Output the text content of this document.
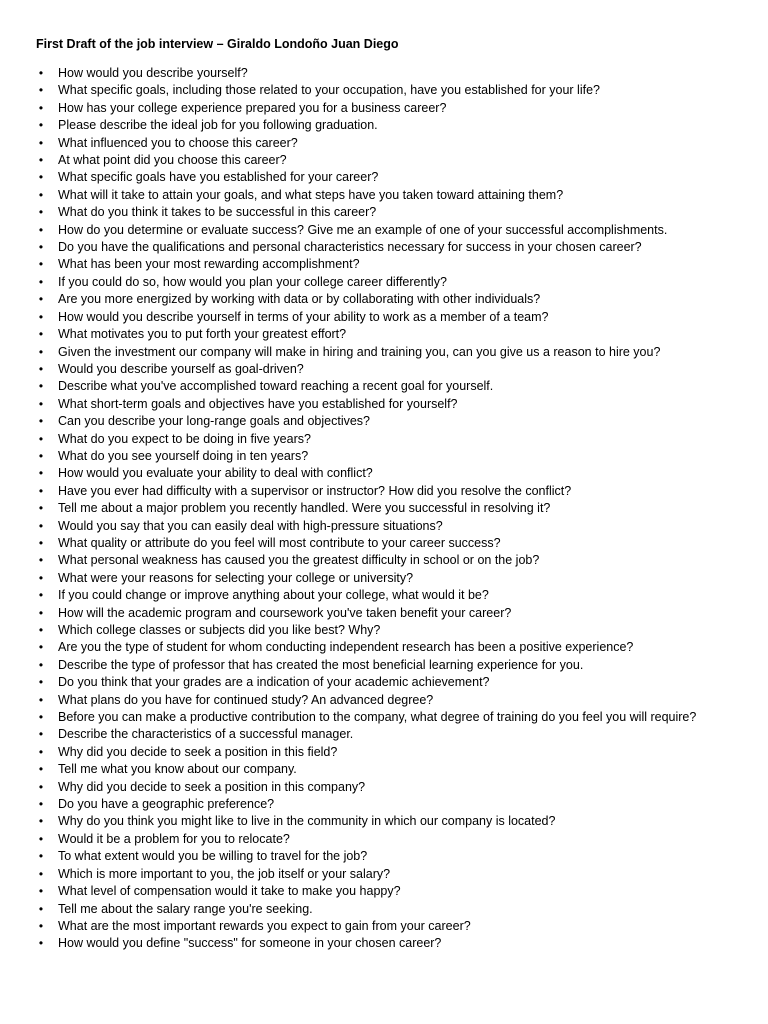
First Draft of the job interview – Giraldo Londoño Juan Diego
• How would you describe yourself?
• What specific goals, including those related to your occupation, have you established for your life?
• How has your college experience prepared you for a business career?
• Please describe the ideal job for you following graduation.
• What influenced you to choose this career?
• At what point did you choose this career?
• What specific goals have you established for your career?
• What will it take to attain your goals, and what steps have you taken toward attaining them?
• What do you think it takes to be successful in this career?
• How do you determine or evaluate success? Give me an example of one of your successful accomplishments.
• Do you have the qualifications and personal characteristics necessary for success in your chosen career?
• What has been your most rewarding accomplishment?
• If you could do so, how would you plan your college career differently?
• Are you more energized by working with data or by collaborating with other individuals?
• How would you describe yourself in terms of your ability to work as a member of a team?
• What motivates you to put forth your greatest effort?
• Given the investment our company will make in hiring and training you, can you give us a reason to hire you?
• Would you describe yourself as goal-driven?
• Describe what you've accomplished toward reaching a recent goal for yourself.
• What short-term goals and objectives have you established for yourself?
• Can you describe your long-range goals and objectives?
• What do you expect to be doing in five years?
• What do you see yourself doing in ten years?
• How would you evaluate your ability to deal with conflict?
• Have you ever had difficulty with a supervisor or instructor? How did you resolve the conflict?
• Tell me about a major problem you recently handled. Were you successful in resolving it?
• Would you say that you can easily deal with high-pressure situations?
• What quality or attribute do you feel will most contribute to your career success?
• What personal weakness has caused you the greatest difficulty in school or on the job?
• What were your reasons for selecting your college or university?
• If you could change or improve anything about your college, what would it be?
• How will the academic program and coursework you've taken benefit your career?
• Which college classes or subjects did you like best? Why?
• Are you the type of student for whom conducting independent research has been a positive experience?
• Describe the type of professor that has created the most beneficial learning experience for you.
• Do you think that your grades are a indication of your academic achievement?
• What plans do you have for continued study? An advanced degree?
• Before you can make a productive contribution to the company, what degree of training do you feel you will require?
• Describe the characteristics of a successful manager.
• Why did you decide to seek a position in this field?
• Tell me what you know about our company.
• Why did you decide to seek a position in this company?
• Do you have a geographic preference?
• Why do you think you might like to live in the community in which our company is located?
• Would it be a problem for you to relocate?
• To what extent would you be willing to travel for the job?
• Which is more important to you, the job itself or your salary?
• What level of compensation would it take to make you happy?
• Tell me about the salary range you're seeking.
• What are the most important rewards you expect to gain from your career?
• How would you define "success" for someone in your chosen career?
